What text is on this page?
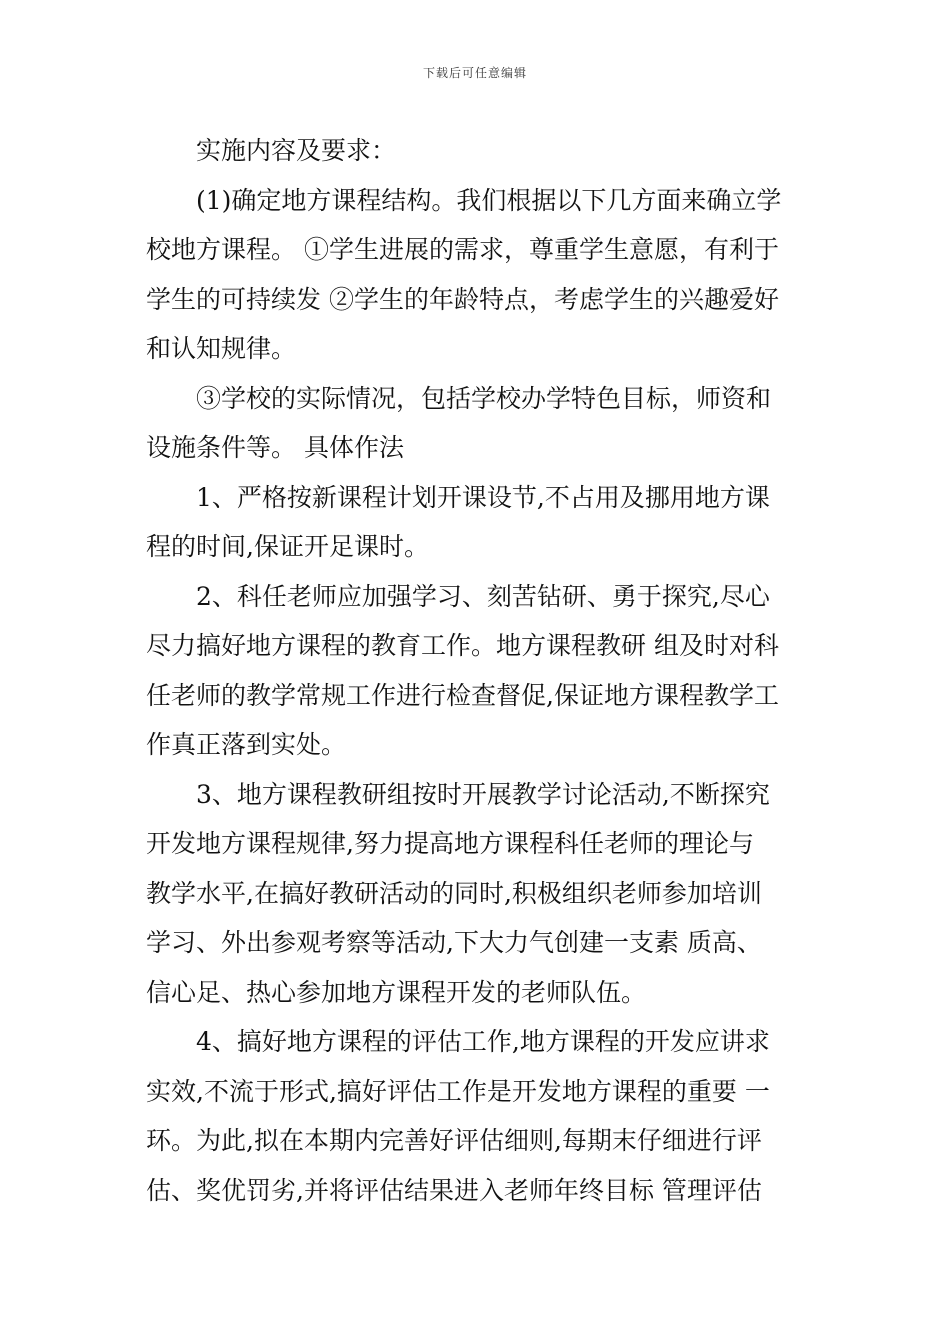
下载后可任意编辑
实施内容及要求：
(1)确定地方课程结构。我们根据以下几方面来确立学
校地方课程。 ①学生进展的需求，尊重学生意愿，有利于
学生的可持续发 ②学生的年龄特点，考虑学生的兴趣爱好
和认知规律。
③学校的实际情况，包括学校办学特色目标，师资和
设施条件等。 具体作法
1、严格按新课程计划开课设节,不占用及挪用地方课
程的时间,保证开足课时。
2、科任老师应加强学习、刻苦钻研、勇于探究,尽心
尽力搞好地方课程的教育工作。地方课程教研 组及时对科
任老师的教学常规工作进行检查督促,保证地方课程教学工
作真正落到实处。
3、地方课程教研组按时开展教学讨论活动,不断探究
开发地方课程规律,努力提高地方课程科任老师的理论与
教学水平,在搞好教研活动的同时,积极组织老师参加培训
学习、外出参观考察等活动,下大力气创建一支素 质高、
信心足、热心参加地方课程开发的老师队伍。
4、搞好地方课程的评估工作,地方课程的开发应讲求
实效,不流于形式,搞好评估工作是开发地方课程的重要 一
环。为此,拟在本期内完善好评估细则,每期末仔细进行评
估、奖优罚劣,并将评估结果进入老师年终目标 管理评估
